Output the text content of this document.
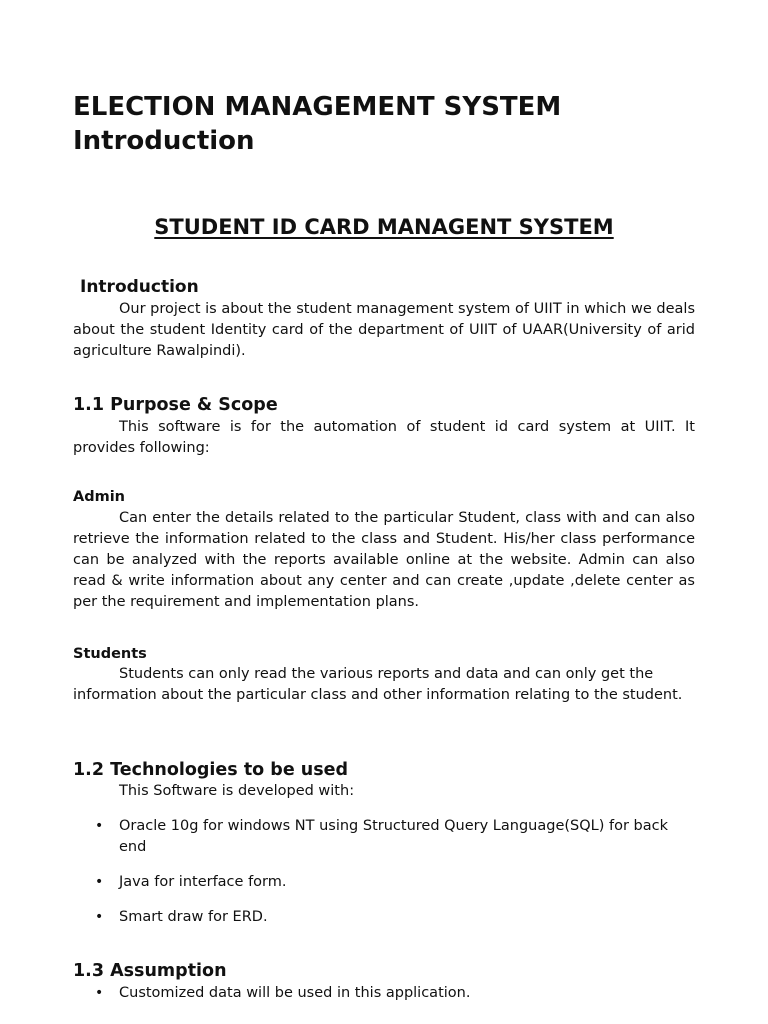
ELECTION MANAGEMENT SYSTEM
Introduction
STUDENT ID CARD MANAGENT SYSTEM
Introduction

Our project is about the student management system of UIIT in which we deals about the student Identity card of the department of UIIT of UAAR(University of arid agriculture Rawalpindi).

1.1 Purpose & Scope

This software is for the automation of student id card system at UIIT. It provides following:

Admin

Can enter the details related to the particular Student, class with and can also retrieve the information related to the class and Student. His/her class performance can be analyzed with the reports available online at the website. Admin can also read & write information about any center and can create ,update ,delete center as per the requirement and implementation plans.

Students

Students can only read the various reports and data and can only get the information about the particular class and other information relating to the student.

1.2 Technologies to be used

This Software is developed with:

• Oracle 10g for windows NT using Structured Query Language(SQL) for back end
• Java for interface form.
• Smart draw for ERD.
1.3 Assumption
• Customized data will be used in this application.
